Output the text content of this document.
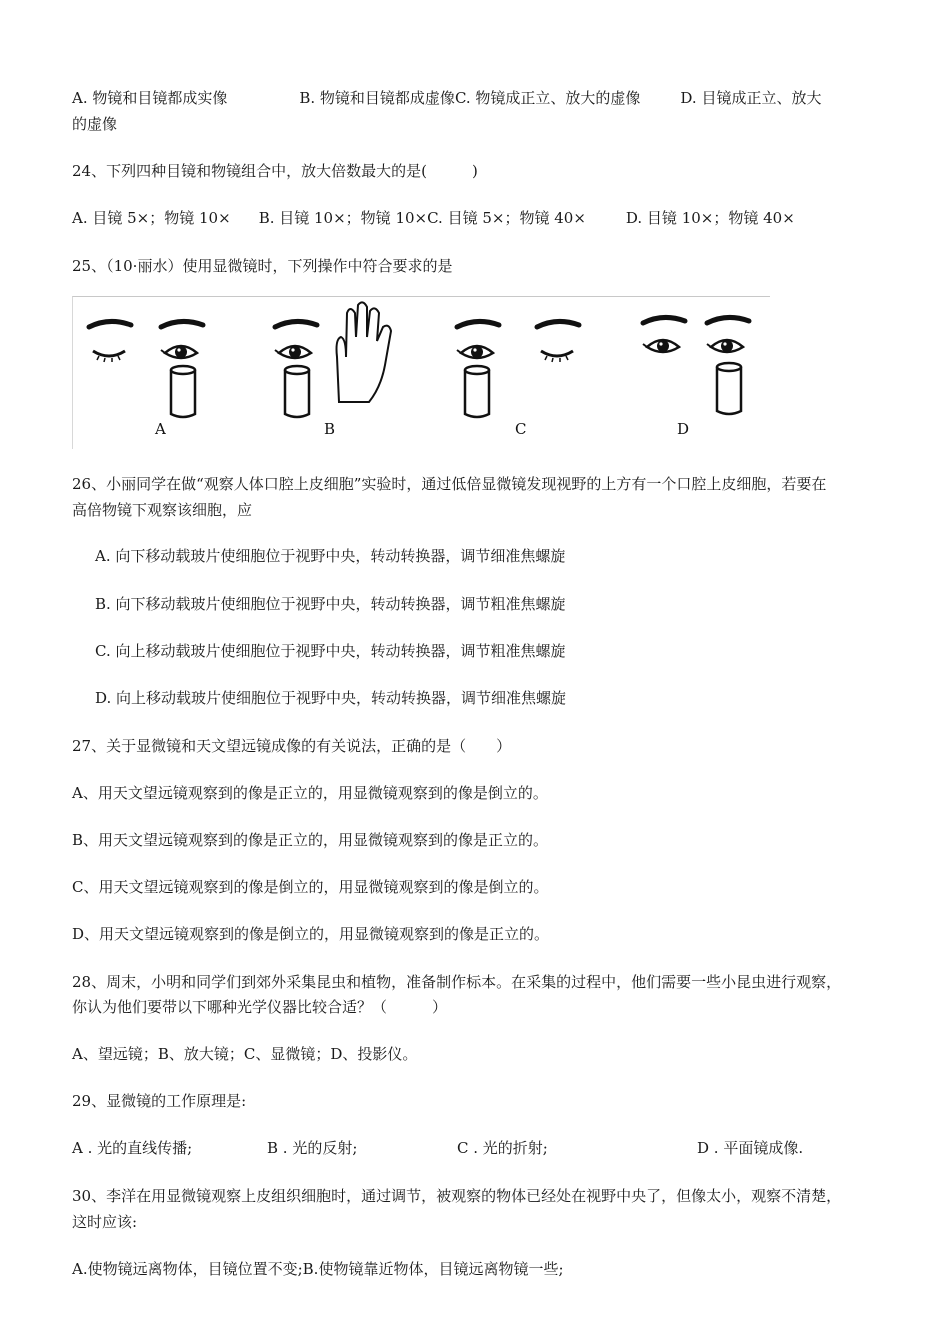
A. 物镜和目镜都成实像	B. 物镜和目镜都成虚像C. 物镜成正立、放大的虚像	D. 目镜成正立、放大
的虚像
24、下列四种目镜和物镜组合中，放大倍数最大的是(　　　)
A. 目镜 5×；物镜 10× B. 目镜 10×；物镜 10×C. 目镜 5×；物镜 40×	D. 目镜 10×；物镜 40×
25、（10·丽水）使用显微镜时，下列操作中符合要求的是
A	B	C	D
26、小丽同学在做“观察人体口腔上皮细胞”实验时，通过低倍显微镜发现视野的上方有一个口腔上皮细胞，若要在
高倍物镜下观察该细胞，应
A. 向下移动载玻片使细胞位于视野中央，转动转换器，调节细准焦螺旋
B. 向下移动载玻片使细胞位于视野中央，转动转换器，调节粗准焦螺旋
C. 向上移动载玻片使细胞位于视野中央，转动转换器，调节粗准焦螺旋
D. 向上移动载玻片使细胞位于视野中央，转动转换器，调节细准焦螺旋
27、关于显微镜和天文望远镜成像的有关说法，正确的是（　　）
A、用天文望远镜观察到的像是正立的，用显微镜观察到的像是倒立的。
B、用天文望远镜观察到的像是正立的，用显微镜观察到的像是正立的。
C、用天文望远镜观察到的像是倒立的，用显微镜观察到的像是倒立的。
D、用天文望远镜观察到的像是倒立的，用显微镜观察到的像是正立的。
28、周末，小明和同学们到郊外采集昆虫和植物，准备制作标本。在采集的过程中，他们需要一些小昆虫进行观察，
你认为他们要带以下哪种光学仪器比较合适？（　　　）
A、望远镜；B、放大镜；C、显微镜；D、投影仪。
29、显微镜的工作原理是:
A . 光的直线传播;	B . 光的反射;	C . 光的折射;	D . 平面镜成像.
30、李洋在用显微镜观察上皮组织细胞时，通过调节，被观察的物体已经处在视野中央了，但像太小，观察不清楚，
这时应该:
A.使物镜远离物体，目镜位置不变;B.使物镜靠近物体，目镜远离物镜一些;
